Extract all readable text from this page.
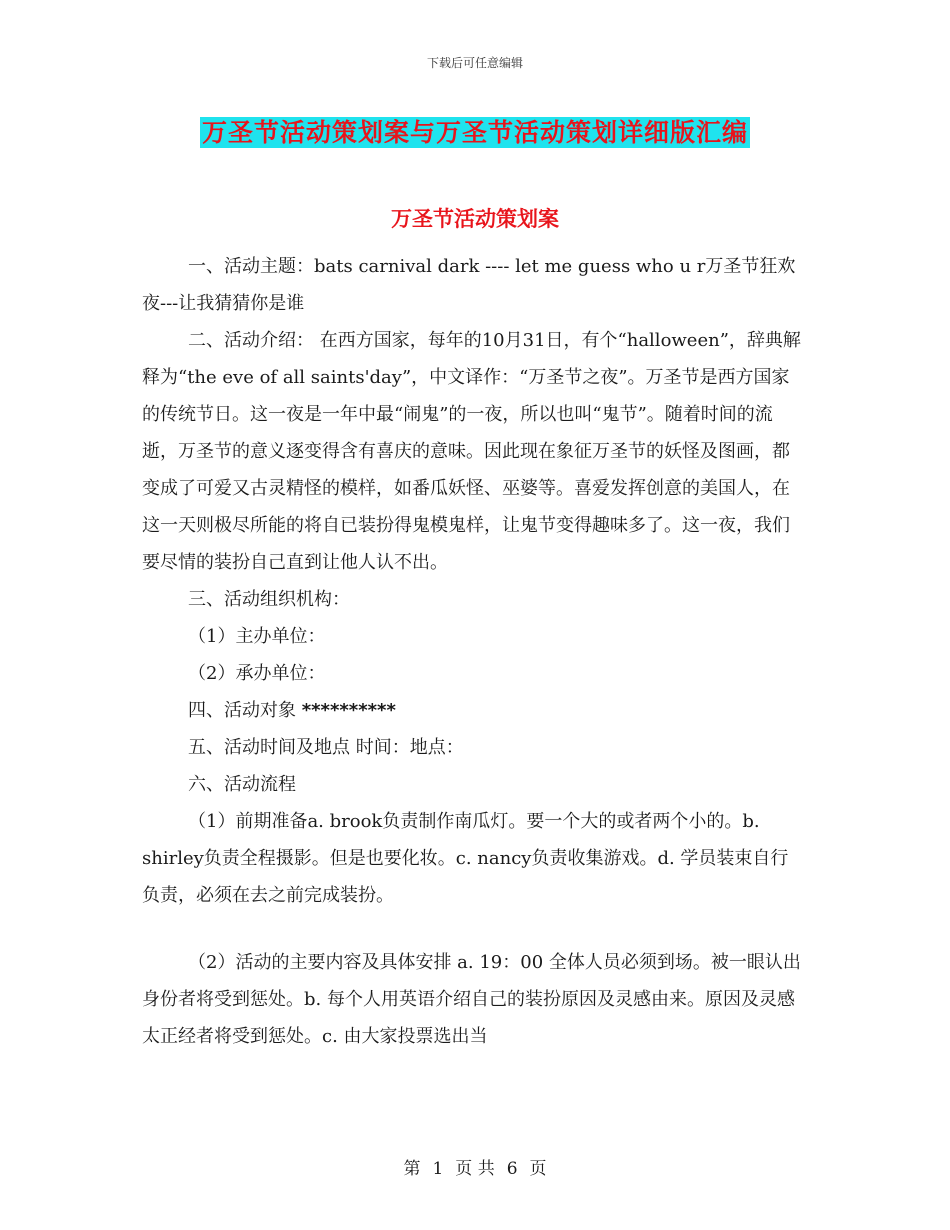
下载后可任意编辑
万圣节活动策划案与万圣节活动策划详细版汇编
万圣节活动策划案

一、活动主题：bats carnival dark ---- let me guess who u r万圣节狂欢夜---让我猜猜你是谁

二、活动介绍： 在西方国家，每年的10月31日，有个“halloween”，辞典解释为“the eve of all saints'day”，中文译作：“万圣节之夜”。万圣节是西方国家的传统节日。这一夜是一年中最“闹鬼”的一夜，所以也叫“鬼节”。随着时间的流逝，万圣节的意义逐变得含有喜庆的意味。因此现在象征万圣节的妖怪及图画，都变成了可爱又古灵精怪的模样，如番瓜妖怪、巫婆等。喜爱发挥创意的美国人，在这一天则极尽所能的将自已装扮得鬼模鬼样，让鬼节变得趣味多了。这一夜，我们要尽情的装扮自己直到让他人认不出。

三、活动组织机构：

（1）主办单位：

（2）承办单位：

四、活动对象 **********

五、活动时间及地点 时间：地点：

六、活动流程

（1）前期准备a. brook负责制作南瓜灯。要一个大的或者两个小的。b. shirley负责全程摄影。但是也要化妆。c. nancy负责收集游戏。d. 学员装束自行负责，必须在去之前完成装扮。

（2）活动的主要内容及具体安排 a. 19：00 全体人员必须到场。被一眼认出身份者将受到惩处。b. 每个人用英语介绍自己的装扮原因及灵感由来。原因及灵感太正经者将受到惩处。c. 由大家投票选出当

第 1 页 共 6 页
